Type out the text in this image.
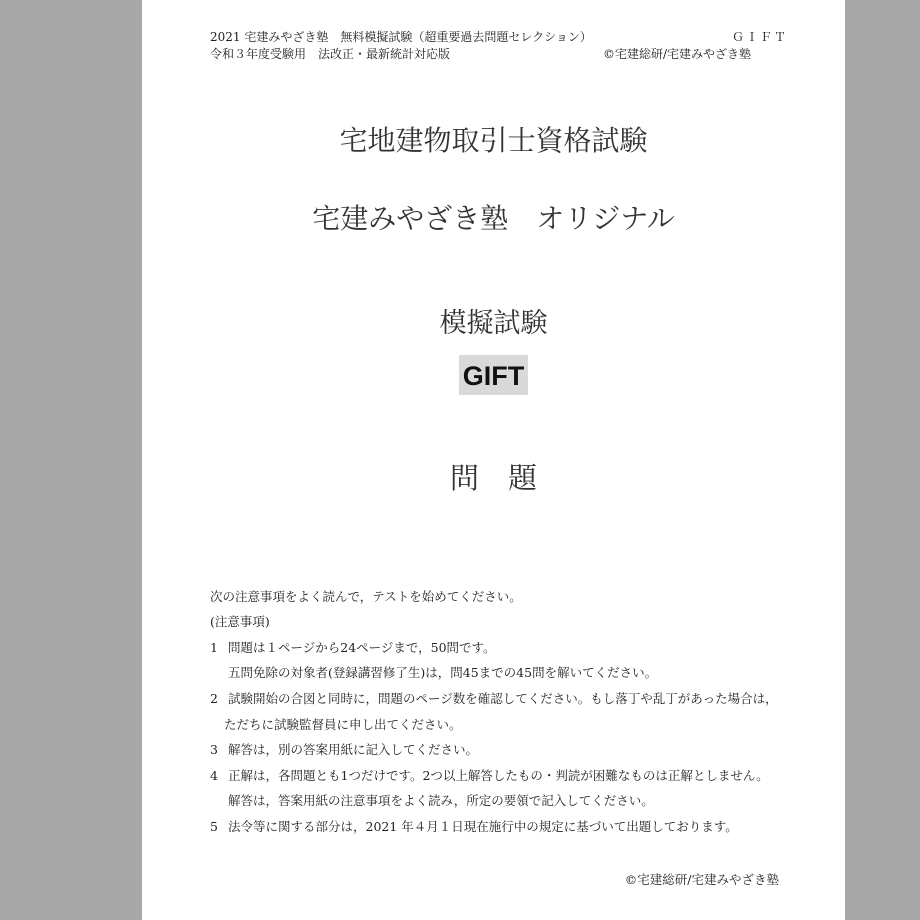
2021 宅建みやざき塾　無料模擬試験（超重要過去問題セレクション）	ＧＩＦＴ
令和３年度受験用　法改正・最新統計対応版	©宅建総研/宅建みやざき塾
宅地建物取引士資格試験
宅建みやざき塾　オリジナル
模擬試験
GIFT
問　題
次の注意事項をよく読んで，テストを始めてください。
(注意事項)
1 問題は１ページから24ページまで，50問です。
五問免除の対象者(登録講習修了生)は，問45までの45問を解いてください。
2 試験開始の合図と同時に，問題のページ数を確認してください。もし落丁や乱丁があった場合は，
ただちに試験監督員に申し出てください。
3 解答は，別の答案用紙に記入してください。
4 正解は，各問題とも1つだけです。2つ以上解答したもの・判読が困難なものは正解としません。
解答は，答案用紙の注意事項をよく読み，所定の要領で記入してください。
5 法令等に関する部分は，2021 年４月１日現在施行中の規定に基づいて出題しております。
©宅建総研/宅建みやざき塾
